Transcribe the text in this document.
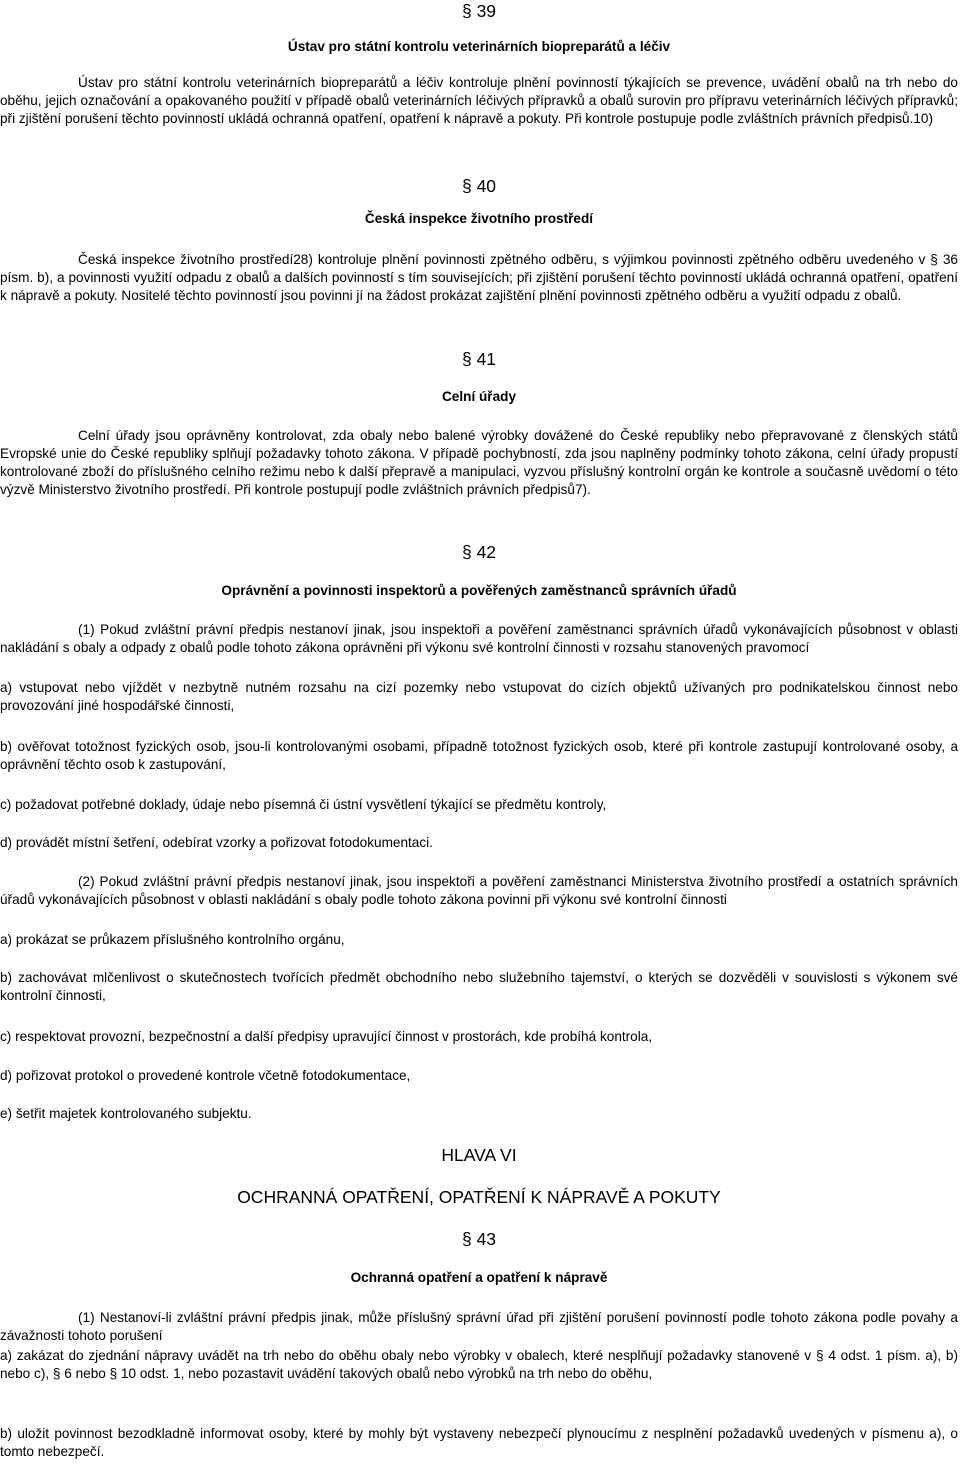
§ 39
Ústav pro státní kontrolu veterinárních biopreparátů a léčiv

Ústav pro státní kontrolu veterinárních biopreparátů a léčiv kontroluje plnění povinností týkajících se prevence, uvádění obalů na trh nebo do oběhu, jejich označování a opakovaného použití v případě obalů veterinárních léčivých přípravků a obalů surovin pro přípravu veterinárních léčivých přípravků; při zjištění porušení těchto povinností ukládá ochranná opatření, opatření k nápravě a pokuty. Při kontrole postupuje podle zvláštních právních předpisů.10)

§ 40
Česká inspekce životního prostředí

Česká inspekce životního prostředí28) kontroluje plnění povinnosti zpětného odběru, s výjimkou povinnosti zpětného odběru uvedeného v § 36 písm. b), a povinnosti využití odpadu z obalů a dalších povinností s tím souvisejících; při zjištění porušení těchto povinností ukládá ochranná opatření, opatření k nápravě a pokuty. Nositelé těchto povinností jsou povinni jí na žádost prokázat zajištění plnění povinnosti zpětného odběru a využití odpadu z obalů.

§ 41
Celní úřady

Celní úřady jsou oprávněny kontrolovat, zda obaly nebo balené výrobky dovážené do České republiky nebo přepravované z členských států Evropské unie do České republiky splňují požadavky tohoto zákona. V případě pochybností, zda jsou naplněny podmínky tohoto zákona, celní úřady propustí kontrolované zboží do příslušného celního režimu nebo k další přepravě a manipulaci, vyzvou příslušný kontrolní orgán ke kontrole a současně uvědomí o této výzvě Ministerstvo životního prostředí. Při kontrole postupují podle zvláštních právních předpisů7).

§ 42
Oprávnění a povinnosti inspektorů a pověřených zaměstnanců správních úřadů

(1) Pokud zvláštní právní předpis nestanoví jinak, jsou inspektoři a pověření zaměstnanci správních úřadů vykonávajících působnost v oblasti nakládání s obaly a odpady z obalů podle tohoto zákona oprávněni při výkonu své kontrolní činnosti v rozsahu stanovených pravomocí

a) vstupovat nebo vjíždět v nezbytně nutném rozsahu na cizí pozemky nebo vstupovat do cizích objektů užívaných pro podnikatelskou činnost nebo provozování jiné hospodářské činnosti,

b) ověřovat totožnost fyzických osob, jsou-li kontrolovanými osobami, případně totožnost fyzických osob, které při kontrole zastupují kontrolované osoby, a oprávnění těchto osob k zastupování,

c) požadovat potřebné doklady, údaje nebo písemná či ústní vysvětlení týkající se předmětu kontroly,

d) provádět místní šetření, odebírat vzorky a pořizovat fotodokumentaci.

(2) Pokud zvláštní právní předpis nestanoví jinak, jsou inspektoři a pověření zaměstnanci Ministerstva životního prostředí a ostatních správních úřadů vykonávajících působnost v oblasti nakládání s obaly podle tohoto zákona povinni při výkonu své kontrolní činnosti

a) prokázat se průkazem příslušného kontrolního orgánu,

b) zachovávat mlčenlivost o skutečnostech tvořících předmět obchodního nebo služebního tajemství, o kterých se dozvěděli v souvislosti s výkonem své kontrolní činnosti,

c) respektovat provozní, bezpečnostní a další předpisy upravující činnost v prostorách, kde probíhá kontrola,

d) pořizovat protokol o provedené kontrole včetně fotodokumentace,

e) šetřit majetek kontrolovaného subjektu.

HLAVA VI
OCHRANNÁ OPATŘENÍ, OPATŘENÍ K NÁPRAVĚ A POKUTY
§ 43
Ochranná opatření a opatření k nápravě

(1) Nestanoví-li zvláštní právní předpis jinak, může příslušný správní úřad při zjištění porušení povinností podle tohoto zákona podle povahy a závažnosti tohoto porušení

a) zakázat do zjednání nápravy uvádět na trh nebo do oběhu obaly nebo výrobky v obalech, které nesplňují požadavky stanovené v § 4 odst. 1 písm. a), b) nebo c), § 6 nebo § 10 odst. 1, nebo pozastavit uvádění takových obalů nebo výrobků na trh nebo do oběhu,

b) uložit povinnost bezodkladně informovat osoby, které by mohly být vystaveny nebezpečí plynoucímu z nesplnění požadavků uvedených v písmenu a), o tomto nebezpečí.
